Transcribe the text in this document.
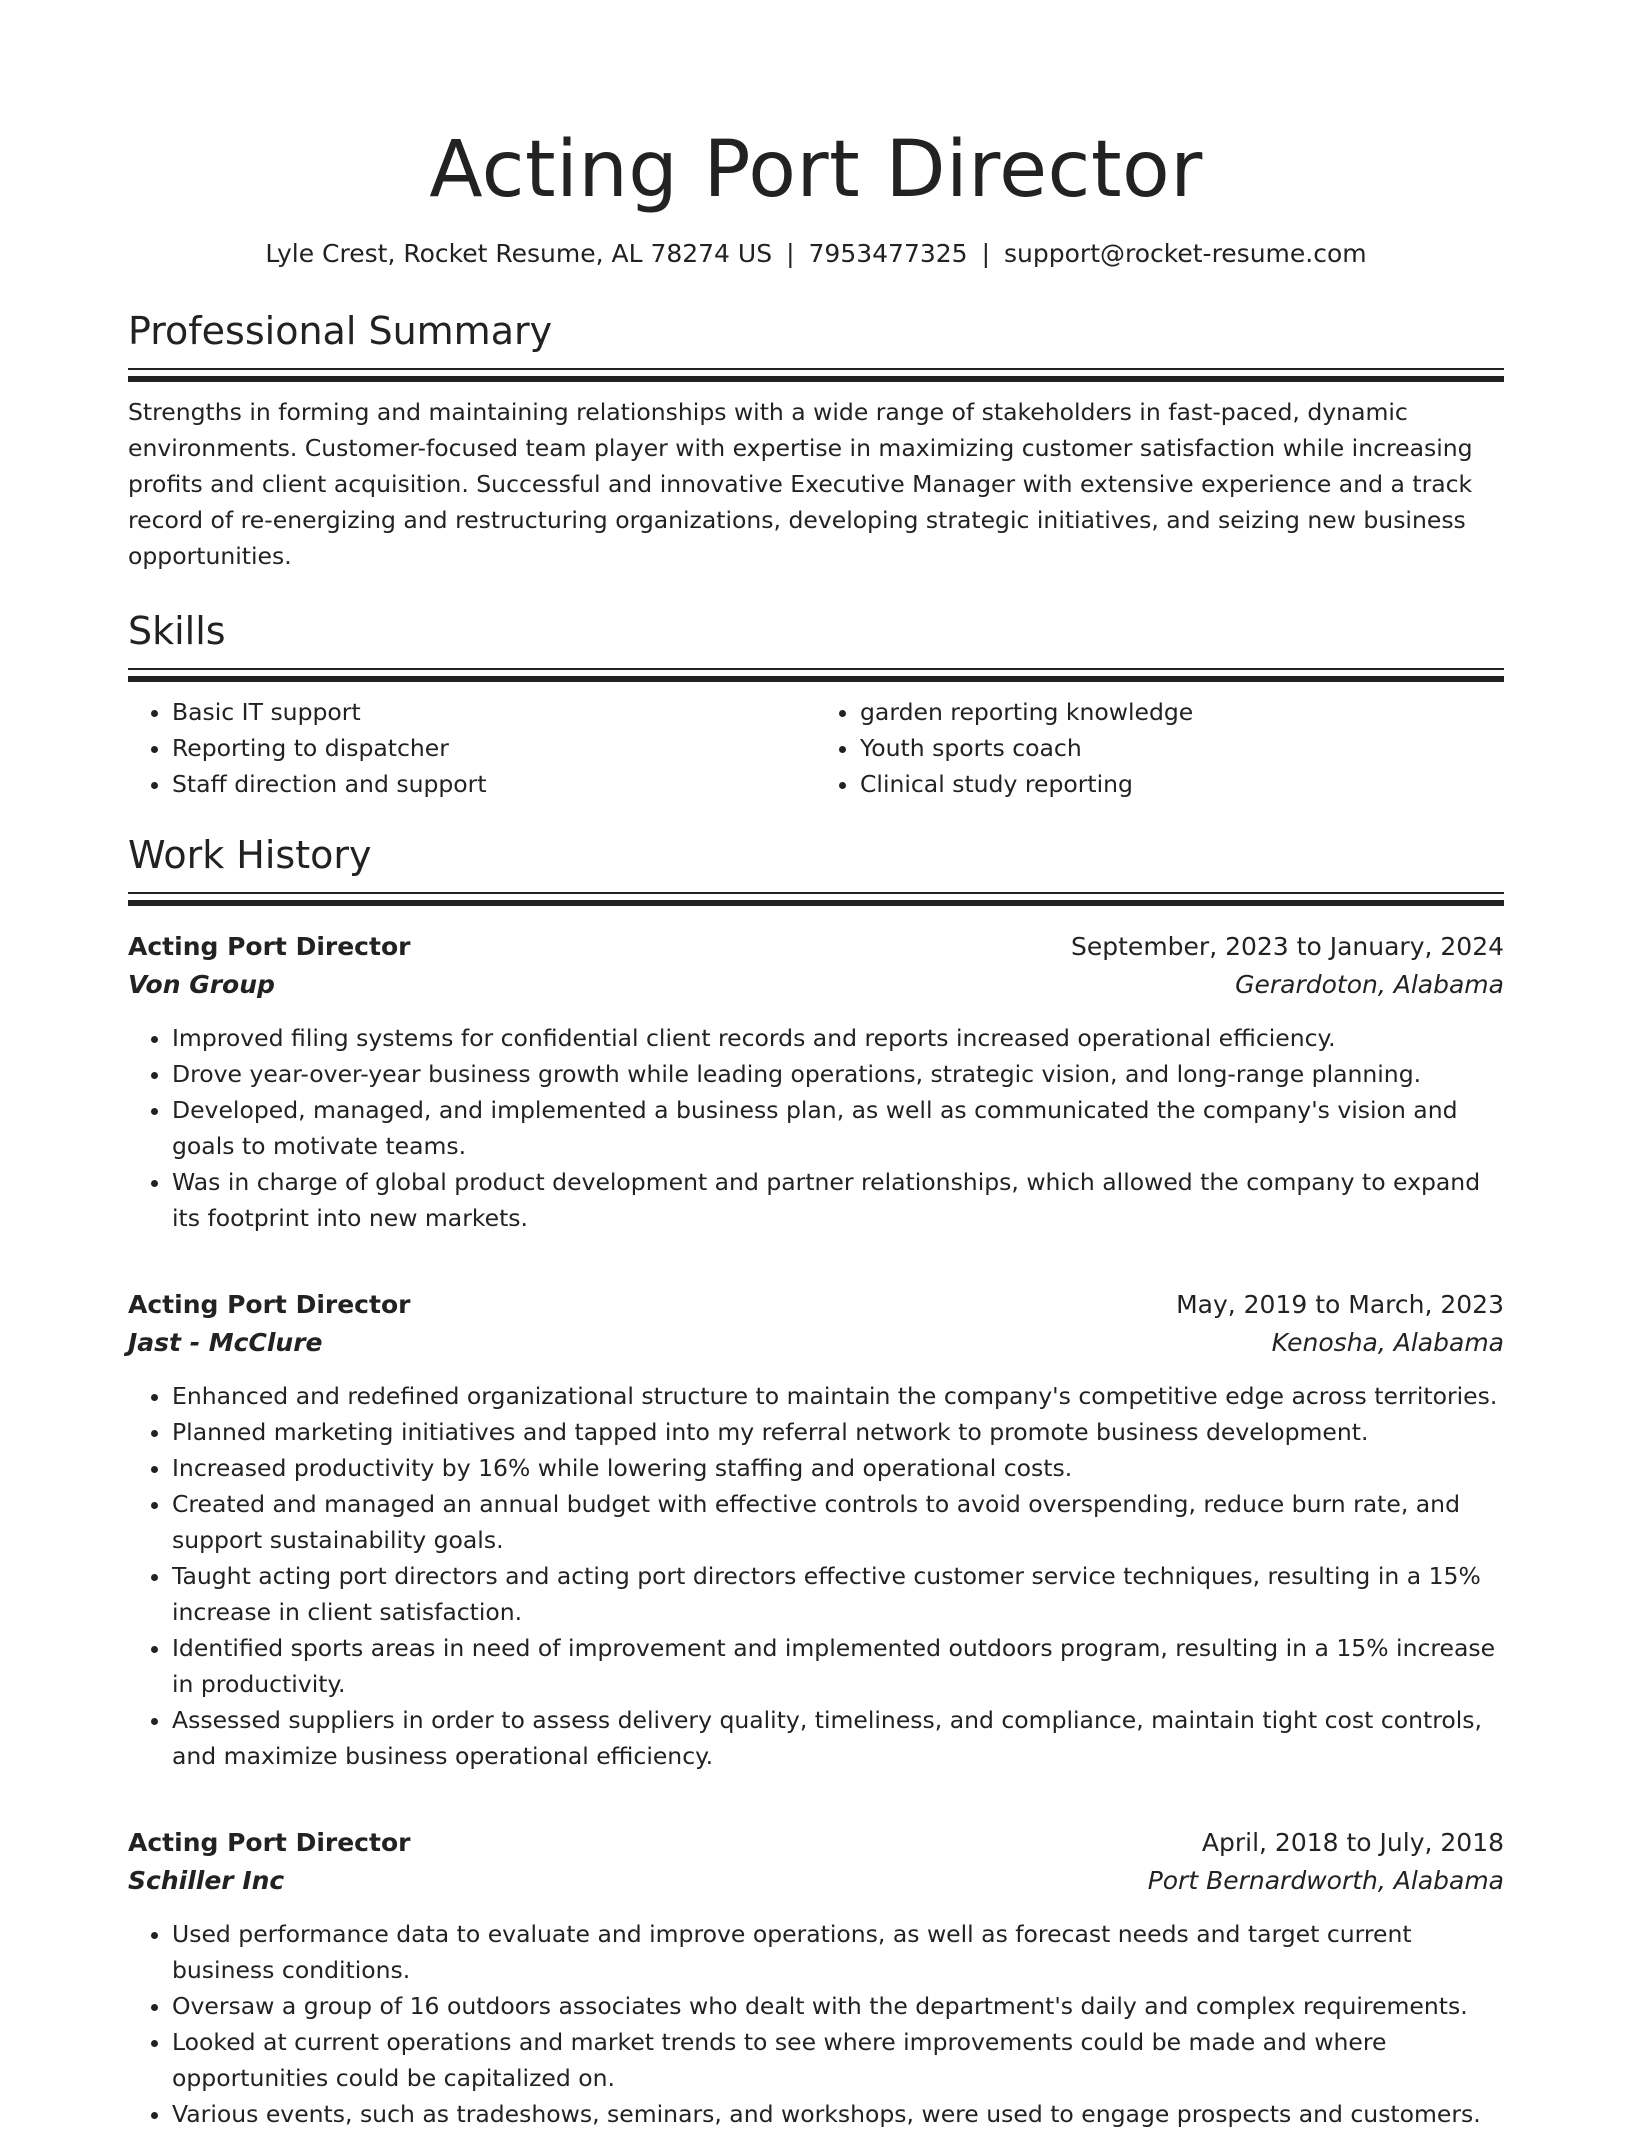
Acting Port Director
Lyle Crest, Rocket Resume, AL 78274 US | 7953477325 | support@rocket-resume.com
Professional Summary
Strengths in forming and maintaining relationships with a wide range of stakeholders in fast-paced, dynamic environments. Customer-focused team player with expertise in maximizing customer satisfaction while increasing profits and client acquisition. Successful and innovative Executive Manager with extensive experience and a track record of re-energizing and restructuring organizations, developing strategic initiatives, and seizing new business opportunities.
Skills
• Basic IT support
• Reporting to dispatcher
• Staff direction and support
• garden reporting knowledge
• Youth sports coach
• Clinical study reporting
Work History
Acting Port Director	September, 2023 to January, 2024
Von Group	Gerardoton, Alabama
• Improved filing systems for confidential client records and reports increased operational efficiency.
• Drove year-over-year business growth while leading operations, strategic vision, and long-range planning.
• Developed, managed, and implemented a business plan, as well as communicated the company's vision and goals to motivate teams.
• Was in charge of global product development and partner relationships, which allowed the company to expand its footprint into new markets.
Acting Port Director	May, 2019 to March, 2023
Jast - McClure	Kenosha, Alabama
• Enhanced and redefined organizational structure to maintain the company's competitive edge across territories.
• Planned marketing initiatives and tapped into my referral network to promote business development.
• Increased productivity by 16% while lowering staffing and operational costs.
• Created and managed an annual budget with effective controls to avoid overspending, reduce burn rate, and support sustainability goals.
• Taught acting port directors and acting port directors effective customer service techniques, resulting in a 15% increase in client satisfaction.
• Identified sports areas in need of improvement and implemented outdoors program, resulting in a 15% increase in productivity.
• Assessed suppliers in order to assess delivery quality, timeliness, and compliance, maintain tight cost controls, and maximize business operational efficiency.
Acting Port Director	April, 2018 to July, 2018
Schiller Inc	Port Bernardworth, Alabama
• Used performance data to evaluate and improve operations, as well as forecast needs and target current business conditions.
• Oversaw a group of 16 outdoors associates who dealt with the department's daily and complex requirements.
• Looked at current operations and market trends to see where improvements could be made and where opportunities could be capitalized on.
• Various events, such as tradeshows, seminars, and workshops, were used to engage prospects and customers.
